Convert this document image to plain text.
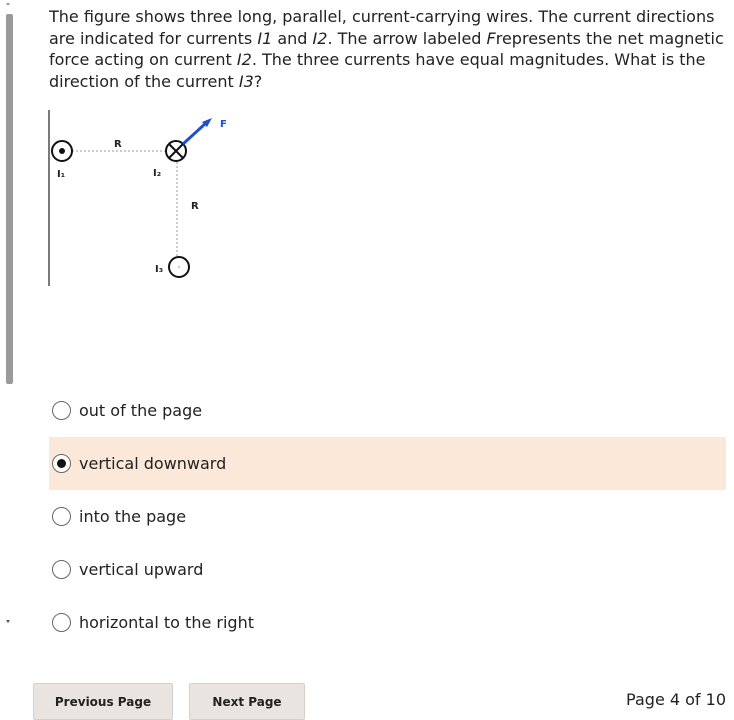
The figure shows three long, parallel, current-carrying wires. The current directions are indicated for currents I1 and I2. The arrow labeled Frepresents the net magnetic force acting on current I2. The three currents have equal magnitudes. What is the direction of the current I3?
R
F
I₁	I₂
R
I₃
out of the page
vertical downward
into the page
vertical upward
horizontal to the right
Previous Page	Next Page	Page 4 of 10
